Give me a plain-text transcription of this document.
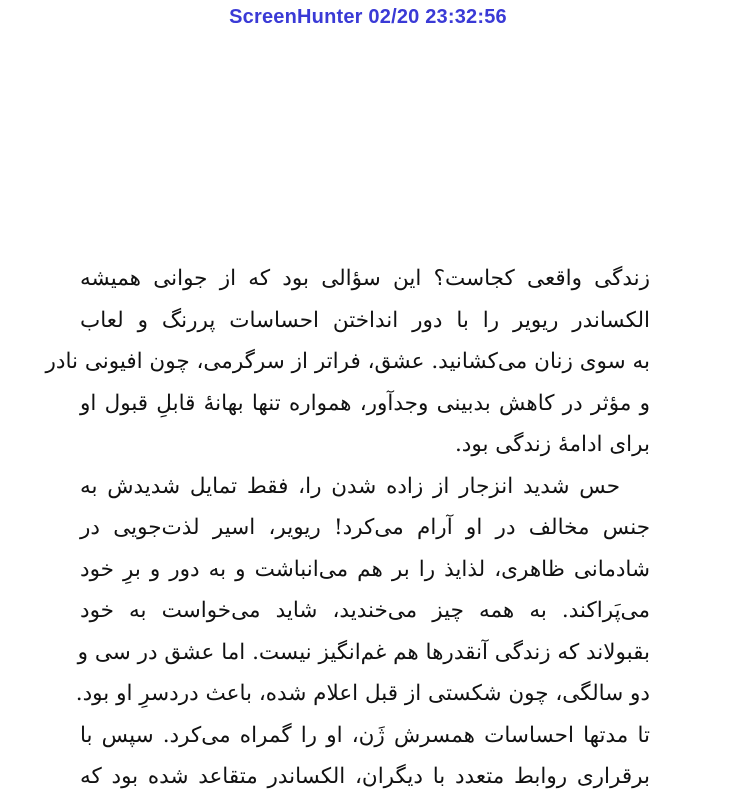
ScreenHunter 02/20 23:32:56
زندگی واقعی کجاست؟ این سؤالی بود که از جوانی همیشه
الکساندر ریویر را با دور انداختن احساسات پررنگ و لعاب
به سوی زنان می‌کشانید. عشق، فراتر از سرگرمی، چون افیونی نادر
و مؤثر در کاهش بدبینی وجدآور، همواره تنها بهانهٔ قابلِ قبول او
برای ادامهٔ زندگی بود.
حس شدید انزجار از زاده شدن را، فقط تمایل شدیدش به
جنس مخالف در او آرام می‌کرد! ریویر، اسیر لذت‌جویی در
شادمانی ظاهری، لذایذ را بر هم می‌انباشت و به دور و برِ خود
می‌پَراکند. به همه چیز می‌خندید، شاید می‌خواست به خود
بقبولاند که زندگی آنقدرها هم غم‌انگیز نیست. اما عشق در سی و
دو سالگی، چون شکستی از قبل اعلام شده، باعث دردسرِ او بود.
تا مدتها احساسات همسرش ژَن، او را گمراه می‌کرد. سپس با
برقراری روابط متعدد با دیگران، الکساندر متقاعد شده بود که
